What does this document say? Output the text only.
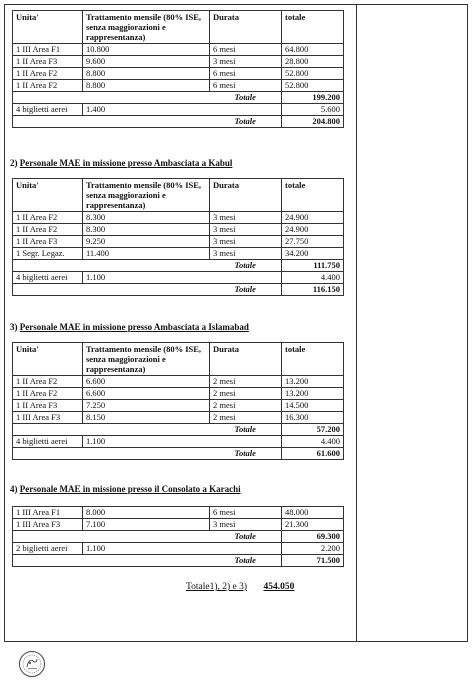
Unita'	Trattamento mensile (80% ISE, senza maggiorazioni e rappresentanza)	Durata	totale
1 III Area F1	10.800	6 mesi	64.800
1 II Area F3	9.600	3 mesi	28.800
1 II Area F2	8.800	6 mesi	52.800
1 II Area F2	8.800	6 mesi	52.800
		Totale	199.200
4 biglietti aerei	1.400		5.600
		Totale	204.800
2) Personale MAE in missione presso Ambasciata a Kabul
Unita'	Trattamento mensile (80% ISE, senza maggiorazioni e rappresentanza)	Durata	totale
1 II Area F2	8.300	3 mesi	24.900
1 II Area F2	8.300	3 mesi	24.900
1 II Area F3	9.250	3 mesi	27.750
1 Segr. Legaz.	11.400	3 mesi	34.200
		Totale	111.750
4 biglietti aerei	1.100		4.400
		Totale	116.150
3) Personale MAE in missione presso Ambasciata a Islamabad
Unita'	Trattamento mensile (80% ISE, senza maggiorazioni e rappresentanza)	Durata	totale
1 II Area F2	6.600	2 mesi	13.200
1 II Area F2	6.600	2 mesi	13.200
1 II Area F3	7.250	2 mesi	14.500
1 III Area F3	8.150	2 mesi	16.300
		Totale	57.200
4 biglietti aerei	1.100		4.400
		Totale	61.600
4) Personale MAE in missione presso il Consolato a Karachi
1 III Area F1	8.000	6 mesi	48.000
1 III Area F3	7.100	3 mesi	21.300
		Totale	69.300
2 biglietti aerei	1.100		2.200
		Totale	71.500
Totale1), 2) e 3) 454.050
